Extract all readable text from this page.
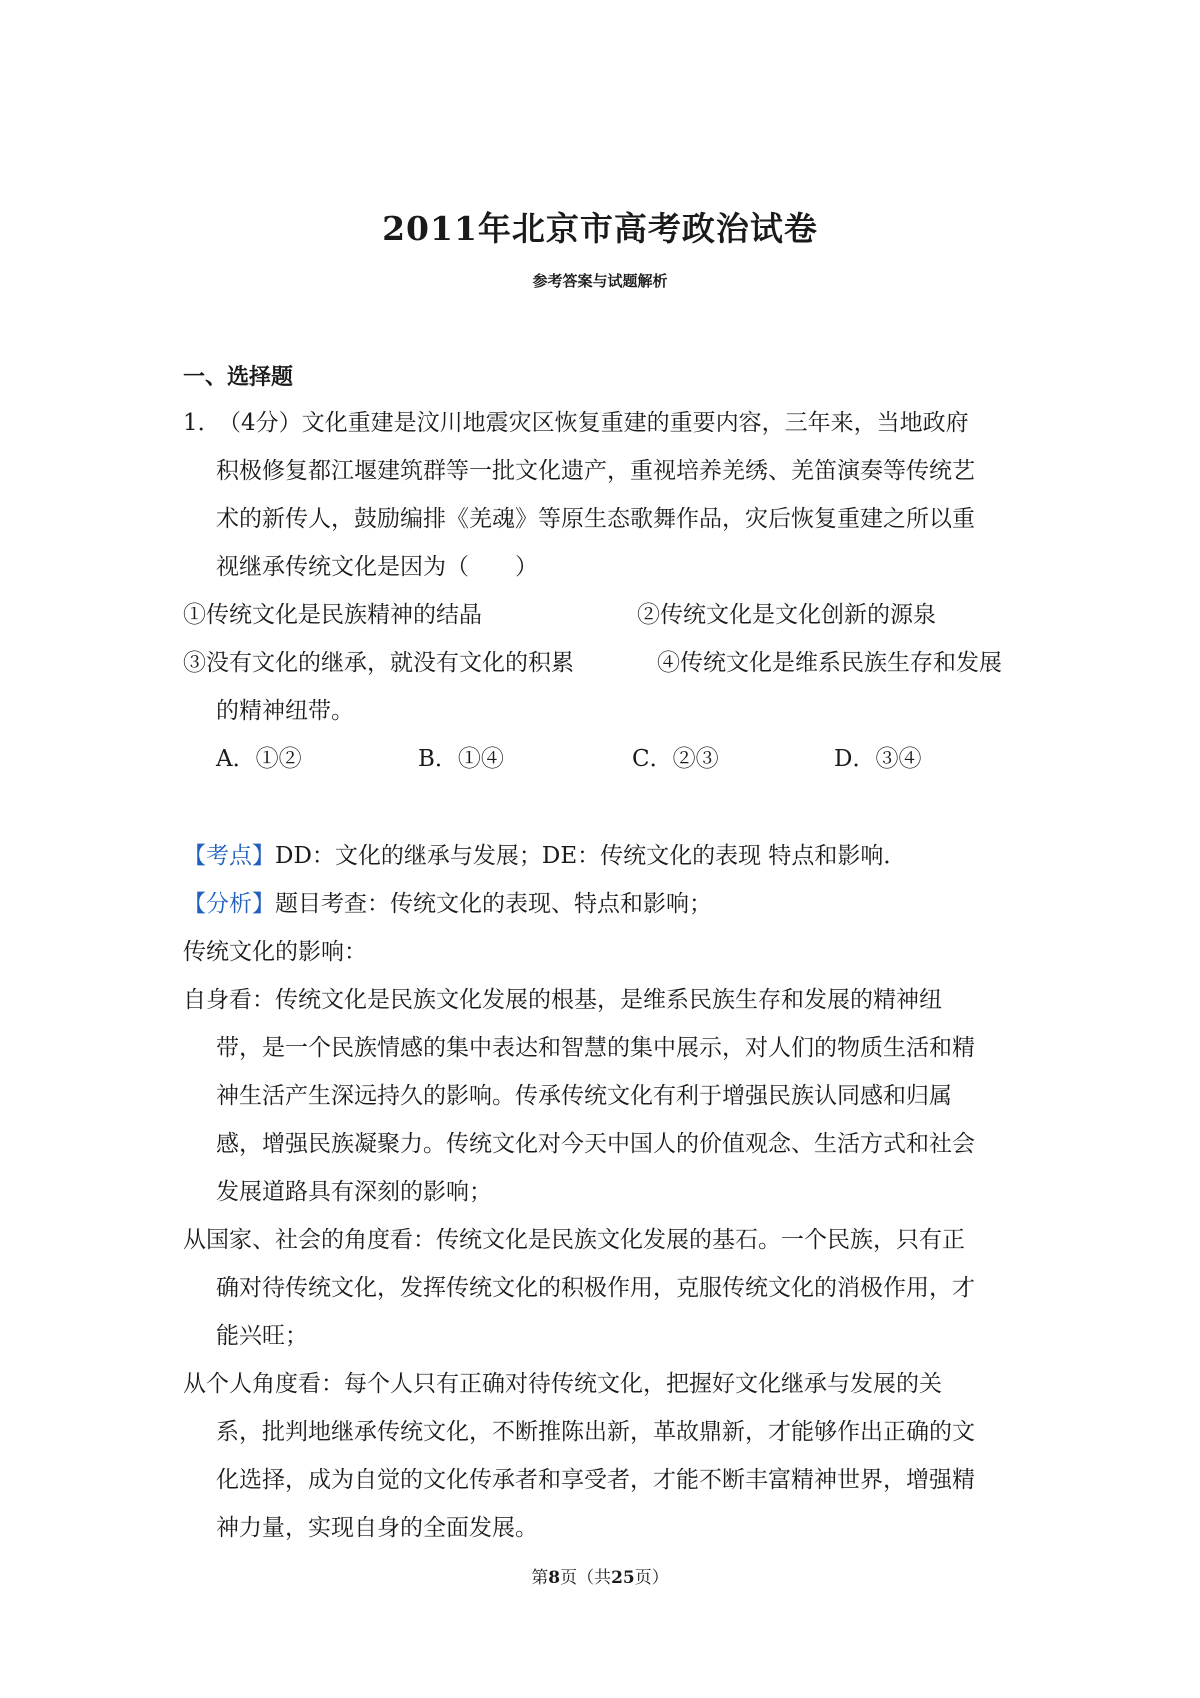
2011年北京市高考政治试卷
参考答案与试题解析
一、选择题
1．（4分）文化重建是汶川地震灾区恢复重建的重要内容，三年来，当地政府
积极修复都江堰建筑群等一批文化遗产，重视培养羌绣、羌笛演奏等传统艺
术的新传人，鼓励编排《羌魂》等原生态歌舞作品，灾后恢复重建之所以重
视继承传统文化是因为（　　）
①传统文化是民族精神的结晶	②传统文化是文化创新的源泉
③没有文化的继承，就没有文化的积累	④传统文化是维系民族生存和发展
的精神纽带。
A．①②	B．①④	C．②③	D．③④
【考点】DD：文化的继承与发展；DE：传统文化的表现 特点和影响．
【分析】题目考查：传统文化的表现、特点和影响；
传统文化的影响：
自身看：传统文化是民族文化发展的根基，是维系民族生存和发展的精神纽
带，是一个民族情感的集中表达和智慧的集中展示，对人们的物质生活和精
神生活产生深远持久的影响。传承传统文化有利于增强民族认同感和归属
感，增强民族凝聚力。传统文化对今天中国人的价值观念、生活方式和社会
发展道路具有深刻的影响；
从国家、社会的角度看：传统文化是民族文化发展的基石。一个民族，只有正
确对待传统文化，发挥传统文化的积极作用，克服传统文化的消极作用，才
能兴旺；
从个人角度看：每个人只有正确对待传统文化，把握好文化继承与发展的关
系，批判地继承传统文化，不断推陈出新，革故鼎新，才能够作出正确的文
化选择，成为自觉的文化传承者和享受者，才能不断丰富精神世界，增强精
神力量，实现自身的全面发展。
第8页（共25页）
